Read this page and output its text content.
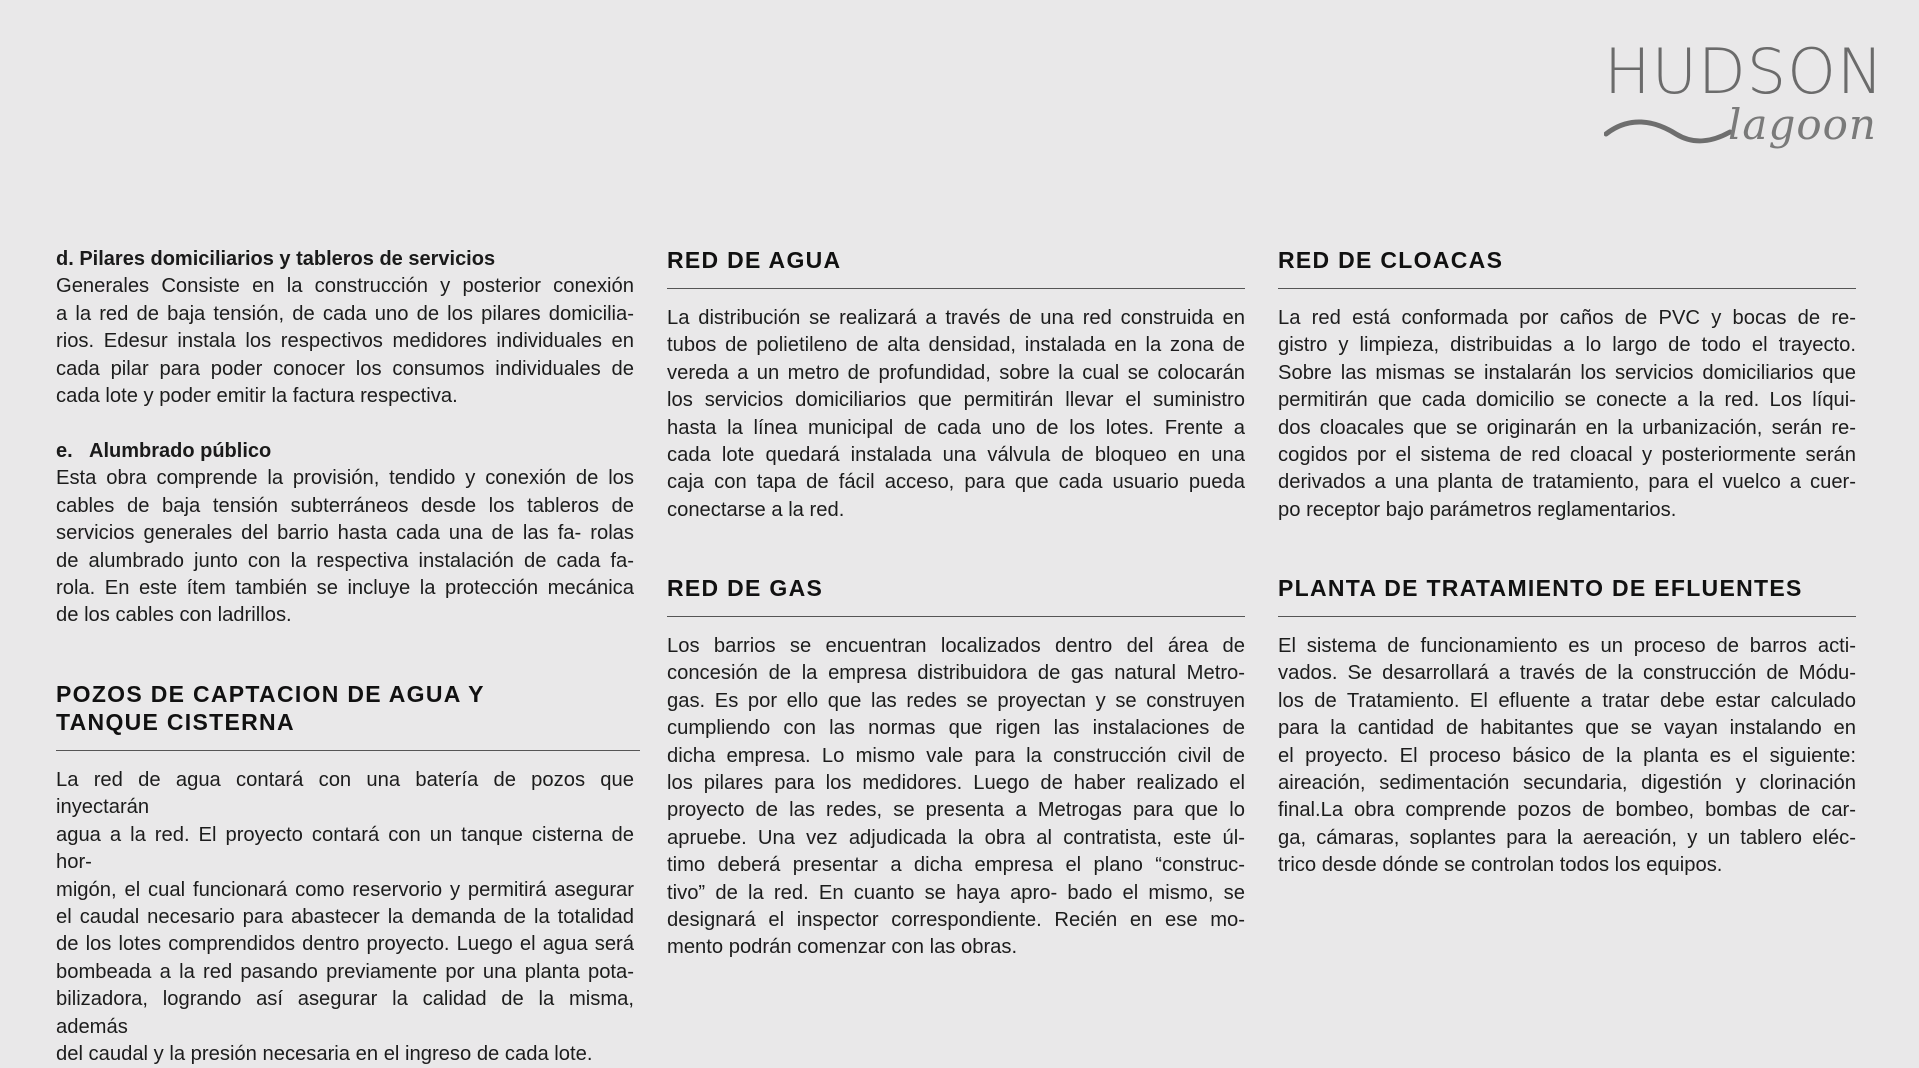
HUDSON
lagoon

d. Pilares domiciliarios y tableros de servicios

Generales Consiste en la construcción y posterior conexión

a la red de baja tensión, de cada uno de los pilares domicilia-

rios. Edesur instala los respectivos medidores individuales en

cada pilar para poder conocer los consumos individuales de

cada lote y poder emitir la factura respectiva.

e. Alumbrado público

Esta obra comprende la provisión, tendido y conexión de los

cables de baja tensión subterráneos desde los tableros de

servicios generales del barrio hasta cada una de las fa- rolas

de alumbrado junto con la respectiva instalación de cada fa-

rola. En este ítem también se incluye la protección mecánica

de los cables con ladrillos.

POZOS DE CAPTACION DE AGUA Y

TANQUE CISTERNA

La red de agua contará con una batería de pozos que inyectarán

agua a la red. El proyecto contará con un tanque cisterna de hor-

migón, el cual funcionará como reservorio y permitirá asegurar

el caudal necesario para abastecer la demanda de la totalidad

de los lotes comprendidos dentro proyecto. Luego el agua será

bombeada a la red pasando previamente por una planta pota-

bilizadora, logrando así asegurar la calidad de la misma, además

del caudal y la presión necesaria en el ingreso de cada lote.

RED DE AGUA

La distribución se realizará a través de una red construida en

tubos de polietileno de alta densidad, instalada en la zona de

vereda a un metro de profundidad, sobre la cual se colocarán

los servicios domiciliarios que permitirán llevar el suministro

hasta la línea municipal de cada uno de los lotes. Frente a

cada lote quedará instalada una válvula de bloqueo en una

caja con tapa de fácil acceso, para que cada usuario pueda

conectarse a la red.

RED DE GAS

Los barrios se encuentran localizados dentro del área de

concesión de la empresa distribuidora de gas natural Metro-

gas. Es por ello que las redes se proyectan y se construyen

cumpliendo con las normas que rigen las instalaciones de

dicha empresa. Lo mismo vale para la construcción civil de

los pilares para los medidores. Luego de haber realizado el

proyecto de las redes, se presenta a Metrogas para que lo

apruebe. Una vez adjudicada la obra al contratista, este úl-

timo deberá presentar a dicha empresa el plano “construc-

tivo” de la red. En cuanto se haya apro- bado el mismo, se

designará el inspector correspondiente. Recién en ese mo-

mento podrán comenzar con las obras.

RED DE CLOACAS

La red está conformada por caños de PVC y bocas de re-

gistro y limpieza, distribuidas a lo largo de todo el trayecto.

Sobre las mismas se instalarán los servicios domiciliarios que

permitirán que cada domicilio se conecte a la red. Los líqui-

dos cloacales que se originarán en la urbanización, serán re-

cogidos por el sistema de red cloacal y posteriormente serán

derivados a una planta de tratamiento, para el vuelco a cuer-

po receptor bajo parámetros reglamentarios.

PLANTA DE TRATAMIENTO DE EFLUENTES

El sistema de funcionamiento es un proceso de barros acti-

vados. Se desarrollará a través de la construcción de Módu-

los de Tratamiento. El efluente a tratar debe estar calculado

para la cantidad de habitantes que se vayan instalando en

el proyecto. El proceso básico de la planta es el siguiente:

aireación, sedimentación secundaria, digestión y clorinación

final.La obra comprende pozos de bombeo, bombas de car-

ga, cámaras, soplantes para la aereación, y un tablero eléc-

trico desde dónde se controlan todos los equipos.
